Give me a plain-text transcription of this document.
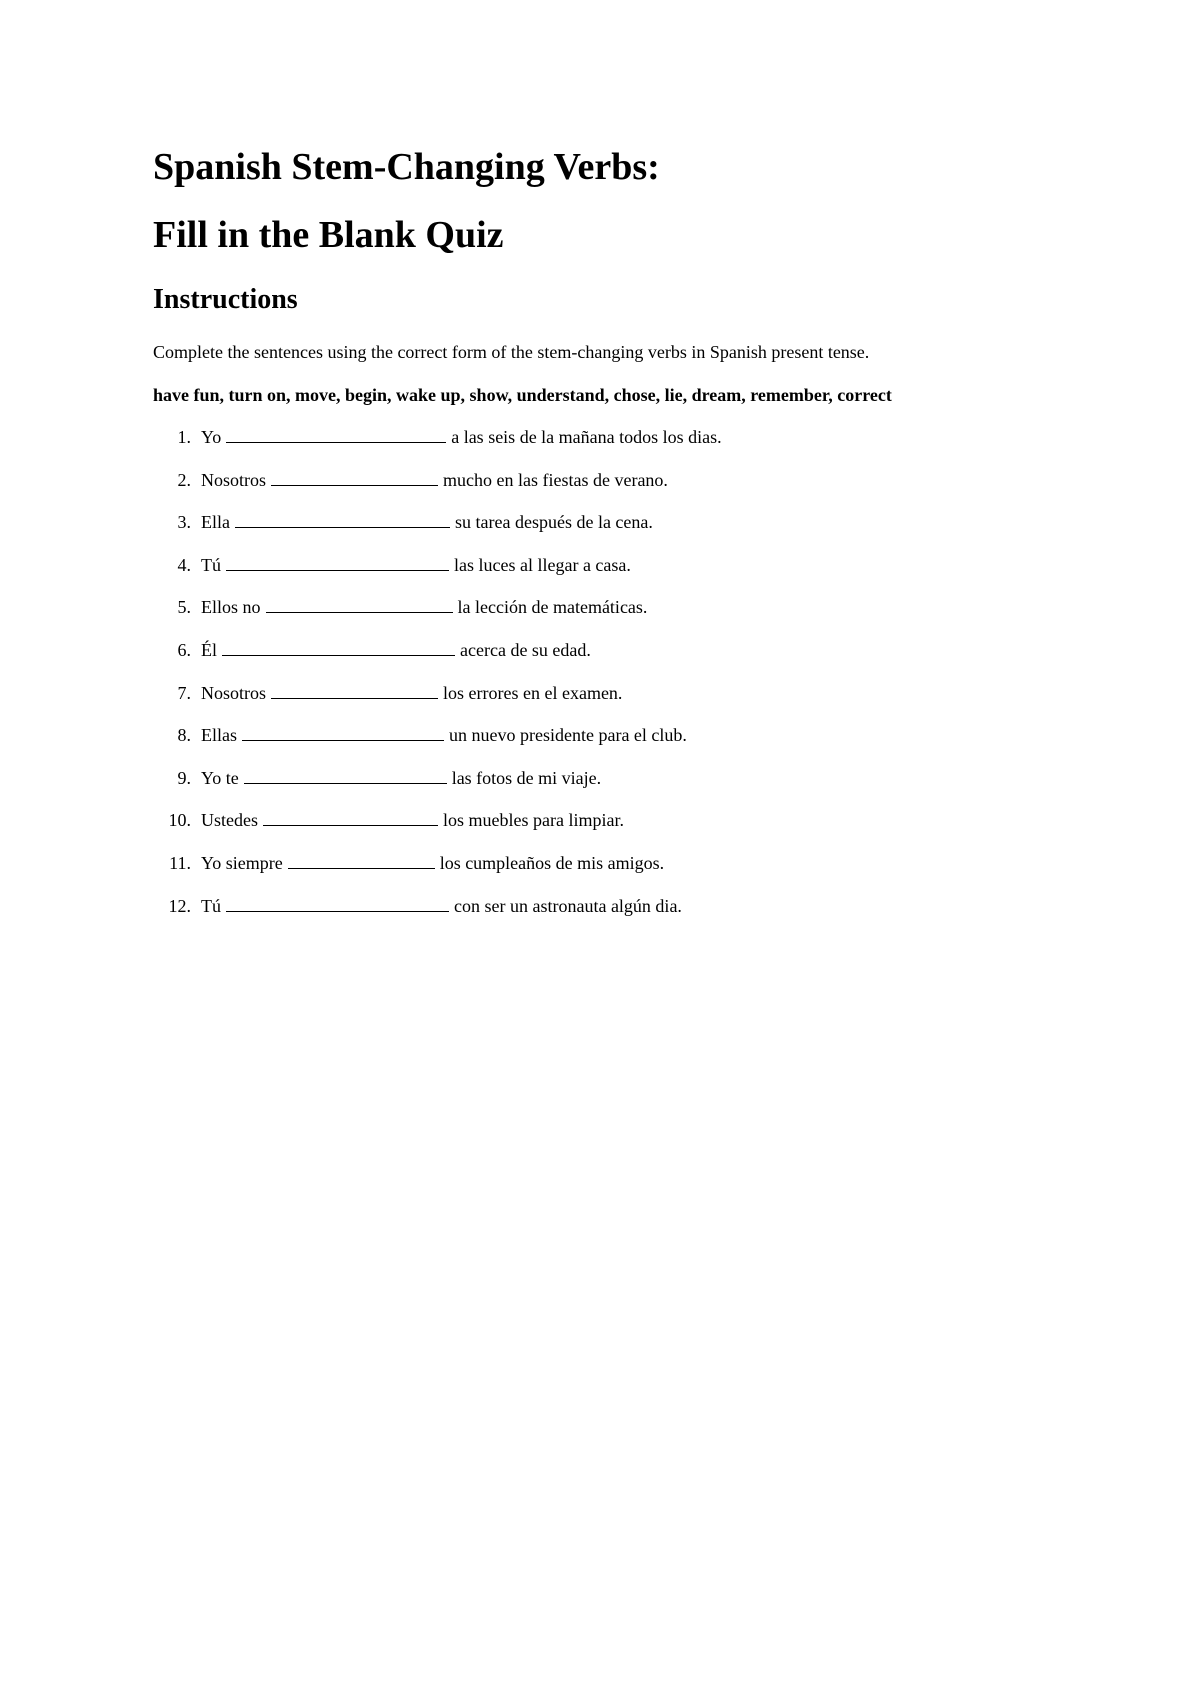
Spanish Stem-Changing Verbs:
Fill in the Blank Quiz
Instructions

Complete the sentences using the correct form of the stem-changing verbs in Spanish present tense.

have fun, turn on, move, begin, wake up, show, understand, chose, lie, dream, remember, correct

1. Yo	a las seis de la mañana todos los dias.
2. Nosotros	mucho en las fiestas de verano.
3. Ella	su tarea después de la cena.
4. Tú	las luces al llegar a casa.
5. Ellos no	la lección de matemáticas.
6. Él	acerca de su edad.
7. Nosotros	los errores en el examen.
8. Ellas	un nuevo presidente para el club.
9. Yo te	las fotos de mi viaje.
10. Ustedes	los muebles para limpiar.
11. Yo siempre	los cumpleaños de mis amigos.
12. Tú	con ser un astronauta algún dia.
